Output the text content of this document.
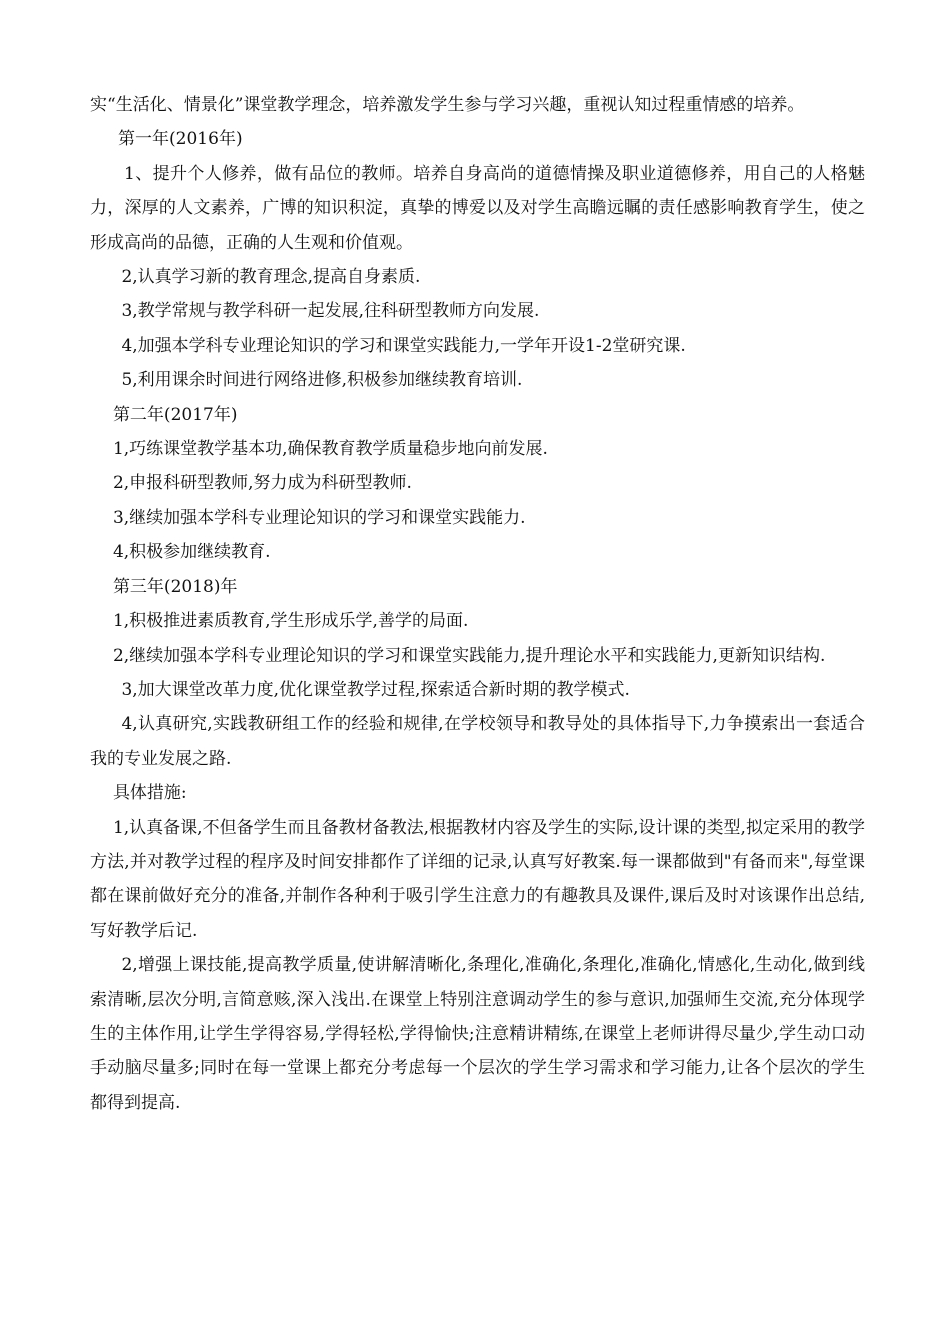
实“生活化、情景化”课堂教学理念，培养激发学生参与学习兴趣，重视认知过程重情感的培养。

第一年(2016年)

1、提升个人修养，做有品位的教师。培养自身高尚的道德情操及职业道德修养，用自己的人格魅力，深厚的人文素养，广博的知识积淀，真挚的博爱以及对学生高瞻远瞩的责任感影响教育学生，使之形成高尚的品德，正确的人生观和价值观。

2,认真学习新的教育理念,提高自身素质.

3,教学常规与教学科研一起发展,往科研型教师方向发展.

4,加强本学科专业理论知识的学习和课堂实践能力,一学年开设1-2堂研究课.

5,利用课余时间进行网络进修,积极参加继续教育培训.

第二年(2017年)

1,巧练课堂教学基本功,确保教育教学质量稳步地向前发展.

2,申报科研型教师,努力成为科研型教师.

3,继续加强本学科专业理论知识的学习和课堂实践能力.

4,积极参加继续教育.

第三年(2018)年

1,积极推进素质教育,学生形成乐学,善学的局面.

2,继续加强本学科专业理论知识的学习和课堂实践能力,提升理论水平和实践能力,更新知识结构.

3,加大课堂改革力度,优化课堂教学过程,探索适合新时期的教学模式.

4,认真研究,实践教研组工作的经验和规律,在学校领导和教导处的具体指导下,力争摸索出一套适合我的专业发展之路.

具体措施:

1,认真备课,不但备学生而且备教材备教法,根据教材内容及学生的实际,设计课的类型,拟定采用的教学方法,并对教学过程的程序及时间安排都作了详细的记录,认真写好教案.每一课都做到"有备而来",每堂课都在课前做好充分的准备,并制作各种利于吸引学生注意力的有趣教具及课件,课后及时对该课作出总结,写好教学后记.

2,增强上课技能,提高教学质量,使讲解清晰化,条理化,准确化,条理化,准确化,情感化,生动化,做到线索清晰,层次分明,言简意赅,深入浅出.在课堂上特别注意调动学生的参与意识,加强师生交流,充分体现学生的主体作用,让学生学得容易,学得轻松,学得愉快;注意精讲精练,在课堂上老师讲得尽量少,学生动口动手动脑尽量多;同时在每一堂课上都充分考虑每一个层次的学生学习需求和学习能力,让各个层次的学生都得到提高.
